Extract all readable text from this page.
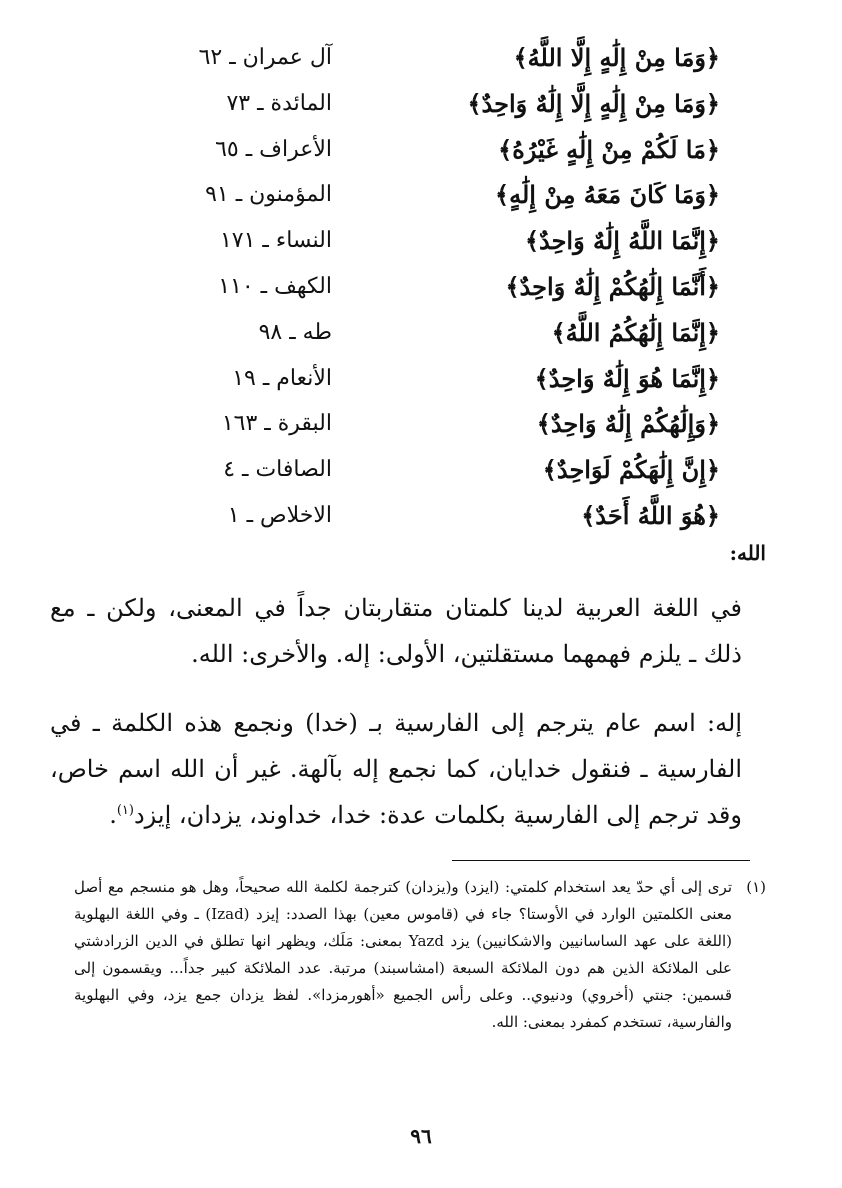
﴿وَمَا مِنْ إِلَٰهٍ إِلَّا اللَّهُ﴾
آل عمران ـ ٦٢
﴿وَمَا مِنْ إِلَٰهٍ إِلَّا إِلَٰهٌ وَاحِدٌ﴾
المائدة ـ ٧٣
﴿مَا لَكُمْ مِنْ إِلَٰهٍ غَيْرُهُ﴾
الأعراف ـ ٦٥
﴿وَمَا كَانَ مَعَهُ مِنْ إِلَٰهٍ﴾
المؤمنون ـ ٩١
﴿إِنَّمَا اللَّهُ إِلَٰهٌ وَاحِدٌ﴾
النساء ـ ١٧١
﴿أَنَّمَا إِلَٰهُكُمْ إِلَٰهٌ وَاحِدٌ﴾
الكهف ـ ١١٠
﴿إِنَّمَا إِلَٰهُكُمُ اللَّهُ﴾
طه ـ ٩٨
﴿إِنَّمَا هُوَ إِلَٰهٌ وَاحِدٌ﴾
الأنعام ـ ١٩
﴿وَإِلَٰهُكُمْ إِلَٰهٌ وَاحِدٌ﴾
البقرة ـ ١٦٣
﴿إِنَّ إِلَٰهَكُمْ لَوَاحِدٌ﴾
الصافات ـ ٤
﴿هُوَ اللَّهُ أَحَدٌ﴾
الاخلاص ـ ١
الله:
في اللغة العربية لدينا كلمتان متقاربتان جداً في المعنى، ولكن ـ مع ذلك ـ يلزم فهمهما مستقلتين، الأولى: إله. والأخرى: الله.
إله: اسم عام يترجم إلى الفارسية بـ (خدا) ونجمع هذه الكلمة ـ في الفارسية ـ فنقول خدايان، كما نجمع إله بآلهة. غير أن الله اسم خاص، وقد ترجم إلى الفارسية بكلمات عدة: خدا، خداوند، يزدان، إيزد$^{(١)}$.
(١)
ترى إلى أي حدّ يعد استخدام كلمتي: (ايزد) و(يزدان) كترجمة لكلمة الله صحيحاً، وهل هو منسجم مع أصل معنى الكلمتين الوارد في الأوستا؟ جاء في (قاموس معين) بهذا الصدد: إيزد (Izad) ـ وفي اللغة البهلوية (اللغة على عهد الساسانيين والاشكانيين) يزد Yazd بمعنى: مَلَك، ويظهر انها تطلق في الدين الزرادشتي على الملائكة الذين هم دون الملائكة السبعة (امشاسبند) مرتبة. عدد الملائكة كبير جداً... ويقسمون إلى قسمين: جنتي (أخروي) ودنيوي.. وعلى رأس الجميع «أهورمزدا». لفظ يزدان جمع يزد، وفي البهلوية والفارسية، تستخدم كمفرد بمعنى: الله.
٩٦
